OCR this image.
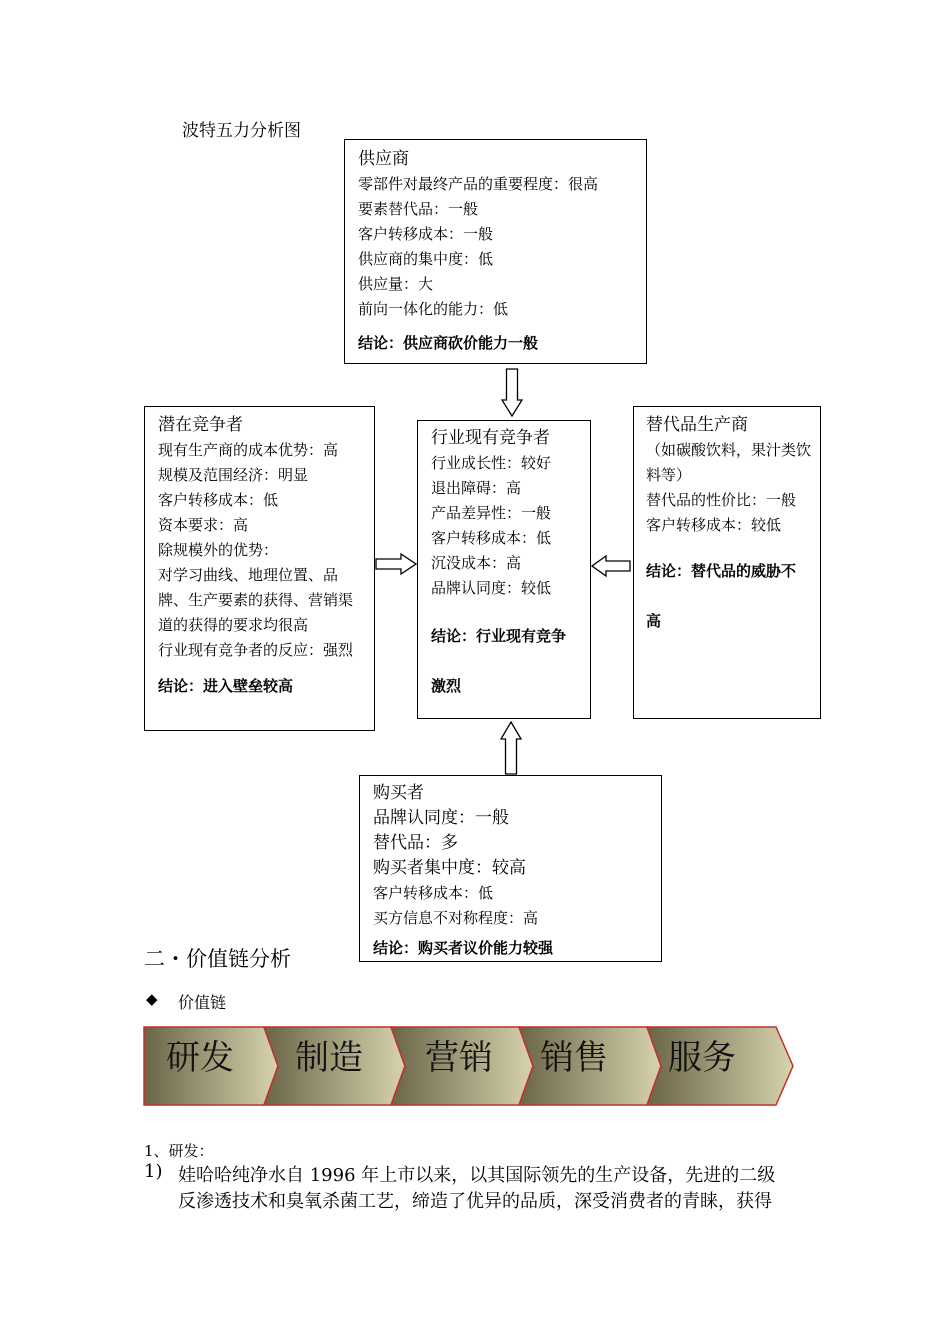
波特五力分析图
供应商
零部件对最终产品的重要程度：很高
要素替代品：一般
客户转移成本：一般
供应商的集中度：低
供应量：大
前向一体化的能力：低
结论：供应商砍价能力一般
潜在竞争者
现有生产商的成本优势：高
规模及范围经济：明显
客户转移成本：低
资本要求：高
除规模外的优势：
对学习曲线、地理位置、品牌、生产要素的获得、营销渠道的获得的要求均很高
行业现有竞争者的反应：强烈
结论：进入壁垒较高
行业现有竞争者
行业成长性：较好
退出障碍：高
产品差异性：一般
客户转移成本：低
沉没成本：高
品牌认同度：较低
结论：行业现有竞争激烈
替代品生产商
（如碳酸饮料，果汁类饮料等）
替代品的性价比：一般
客户转移成本：较低
结论：替代品的威胁不高
购买者
品牌认同度：一般
替代品：多
购买者集中度：较高
客户转移成本：低
买方信息不对称程度：高
结论：购买者议价能力较强
二・价值链分析
◆ 价值链
研发 制造 营销 销售 服务
1、研发：
1) 娃哈哈纯净水自 1996 年上市以来，以其国际领先的生产设备，先进的二级
反渗透技术和臭氧杀菌工艺，缔造了优异的品质，深受消费者的青睐，获得
